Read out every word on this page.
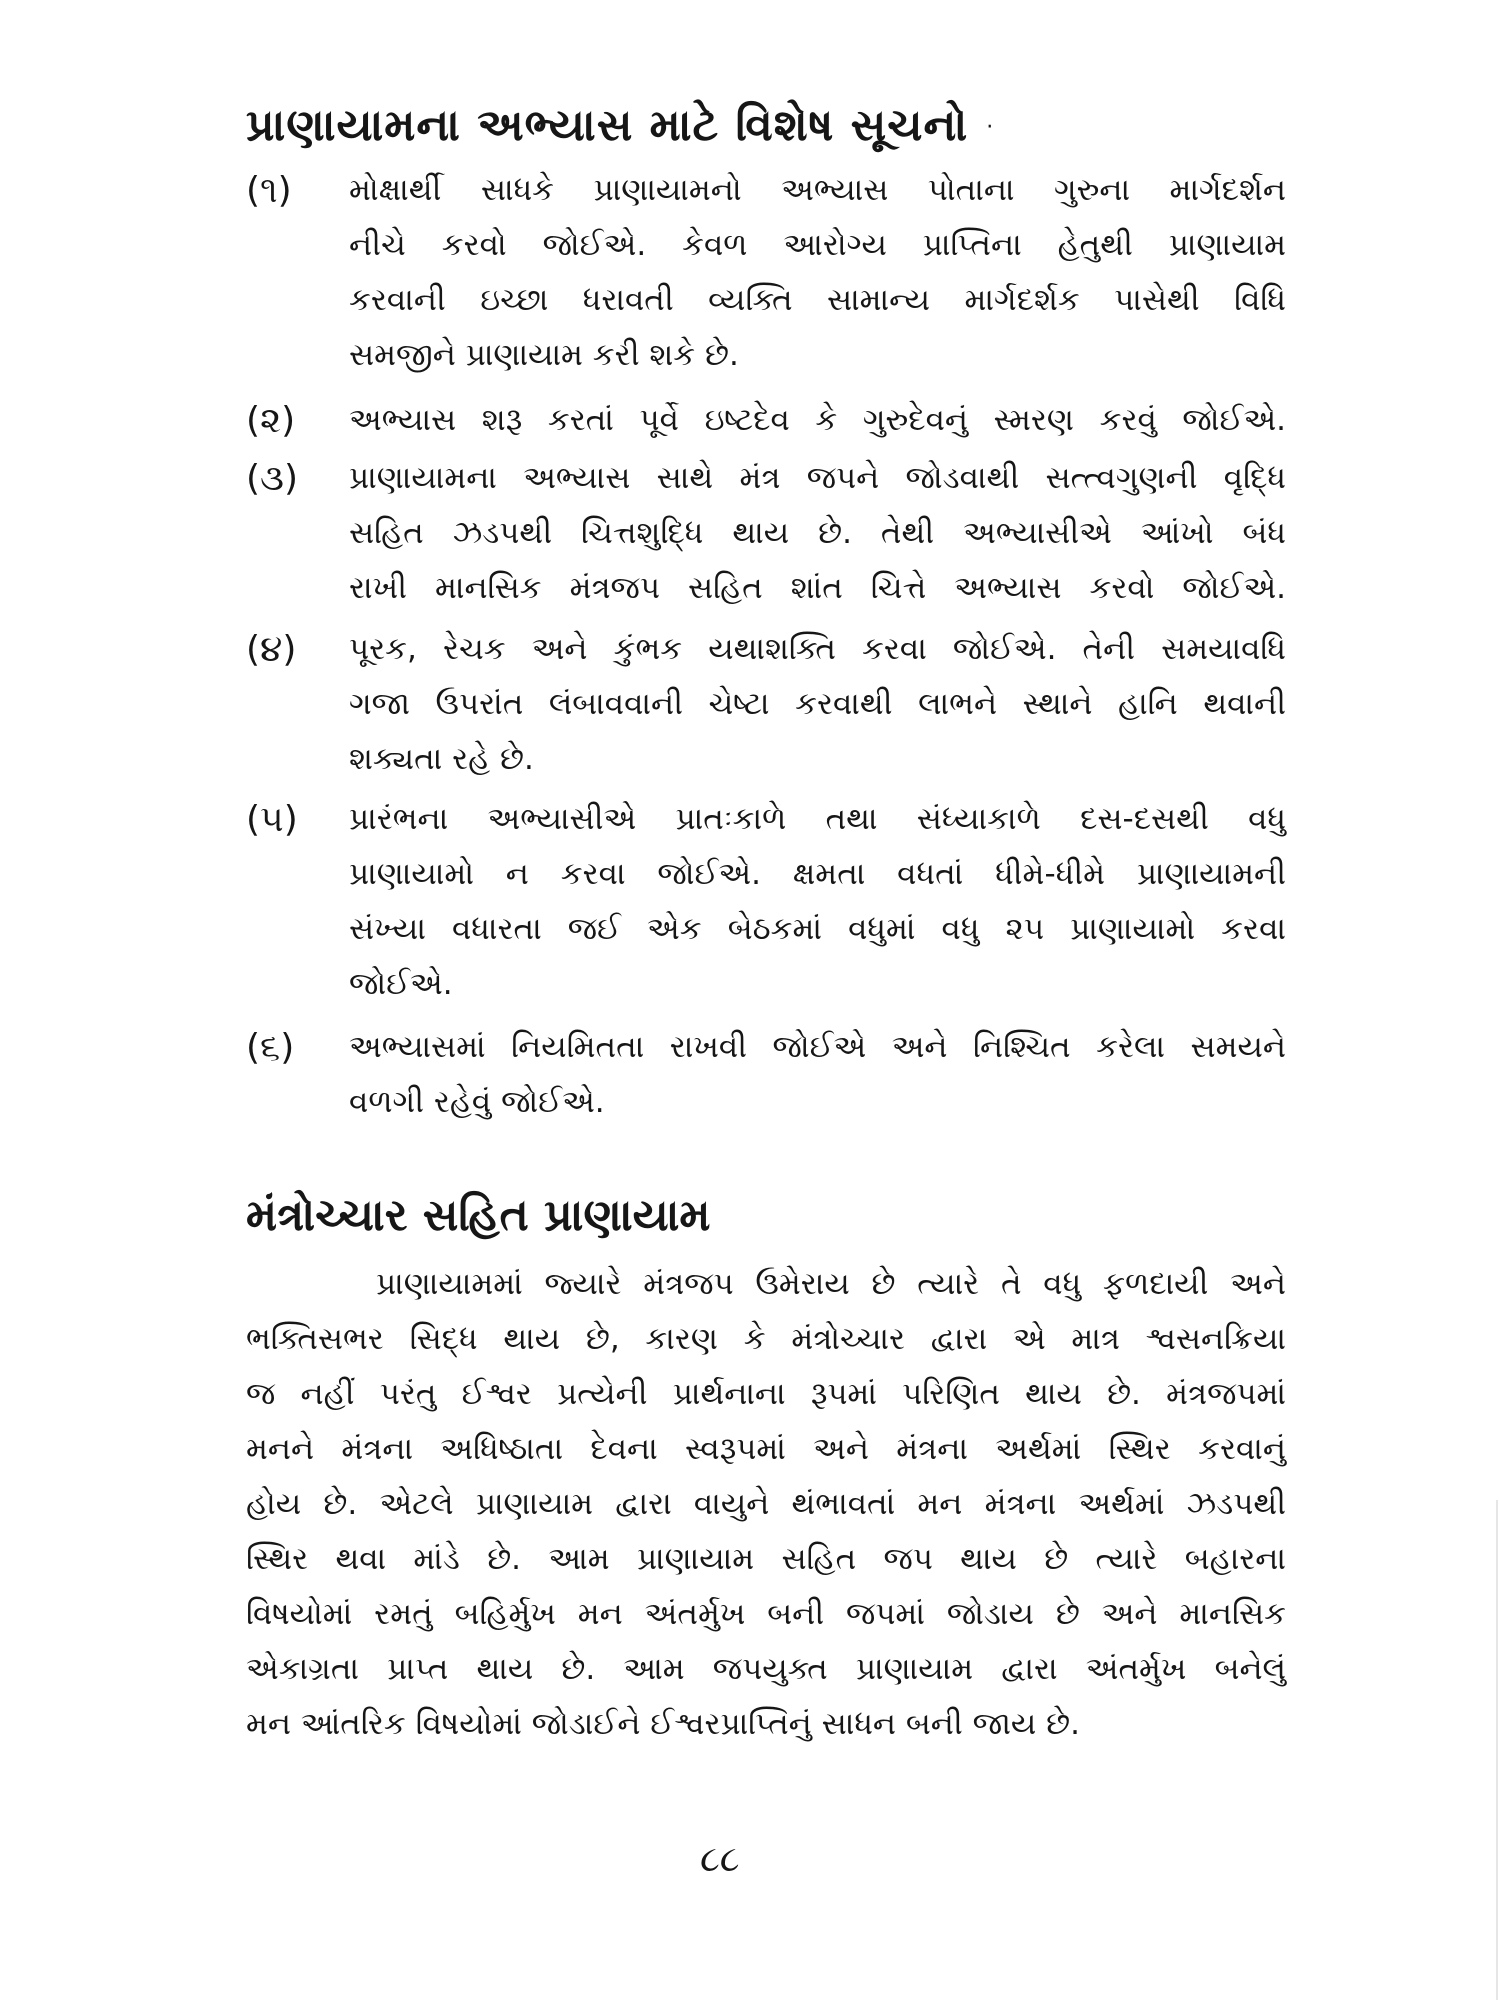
પ્રાણાયામના અભ્યાસ માટે વિશેષ સૂચનો ·
(૧) મોક્ષાર્થી સાધકે પ્રાણાયામનો અભ્યાસ પોતાના ગુરુના માર્ગદર્શન
નીચે કરવો જોઈએ. કેવળ આરોગ્ય પ્રાપ્તિના હેતુથી પ્રાણાયામ
કરવાની ઇચ્છા ધરાવતી વ્યક્તિ સામાન્ય માર્ગદર્શક પાસેથી વિધિ
સમજીને પ્રાણાયામ કરી શકે છે.
(૨) અભ્યાસ શરૂ કરતાં પૂર્વે ઇષ્ટદેવ કે ગુરુદેવનું સ્મરણ કરવું જોઈએ.
(૩) પ્રાણાયામના અભ્યાસ સાથે મંત્ર જપને જોડવાથી સત્ત્વગુણની વૃદ્ધિ
સહિત ઝડપથી ચિત્તશુદ્ધિ થાય છે. તેથી અભ્યાસીએ આંખો બંધ
રાખી માનસિક મંત્રજપ સહિત શાંત ચિત્તે અભ્યાસ કરવો જોઈએ.
(૪) પૂરક, રેચક અને કુંભક યથાશક્તિ કરવા જોઈએ. તેની સમયાવધિ
ગજા ઉપરાંત લંબાવવાની ચેષ્ટા કરવાથી લાભને સ્થાને હાનિ થવાની
શક્યતા રહે છે.
(૫) પ્રારંભના અભ્યાસીએ પ્રાતઃકાળે તથા સંધ્યાકાળે દસ-દસથી વધુ
પ્રાણાયામો ન કરવા જોઈએ. ક્ષમતા વધતાં ધીમે-ધીમે પ્રાણાયામની
સંખ્યા વધારતા જઈ એક બેઠકમાં વધુમાં વધુ ૨૫ પ્રાણાયામો કરવા
જોઈએ.
(૬) અભ્યાસમાં નિયમિતતા રાખવી જોઈએ અને નિશ્ચિત કરેલા સમયને
વળગી રહેવું જોઈએ.
મંત્રોચ્ચાર સહિત પ્રાણાયામ
પ્રાણાયામમાં જ્યારે મંત્રજપ ઉમેરાય છે ત્યારે તે વધુ ફળદાયી અને
ભક્તિસભર સિદ્ધ થાય છે, કારણ કે મંત્રોચ્ચાર દ્વારા એ માત્ર શ્વસનક્રિયા
જ નહીં પરંતુ ઈશ્વર પ્રત્યેની પ્રાર્થનાના રૂપમાં પરિણિત થાય છે. મંત્રજપમાં
મનને મંત્રના અધિષ્ઠાતા દેવના સ્વરૂપમાં અને મંત્રના અર્થમાં સ્થિર કરવાનું
હોય છે. એટલે પ્રાણાયામ દ્વારા વાયુને થંભાવતાં મન મંત્રના અર્થમાં ઝડપથી
સ્થિર થવા માંડે છે. આમ પ્રાણાયામ સહિત જપ થાય છે ત્યારે બહારના
વિષયોમાં રમતું બહિર્મુખ મન અંતર્મુખ બની જપમાં જોડાય છે અને માનસિક
એકાગ્રતા પ્રાપ્ત થાય છે. આમ જપયુક્ત પ્રાણાયામ દ્વારા અંતર્મુખ બનેલું
મન આંતરિક વિષયોમાં જોડાઈને ઈશ્વરપ્રાપ્તિનું સાધન બની જાય છે.
૮૮
